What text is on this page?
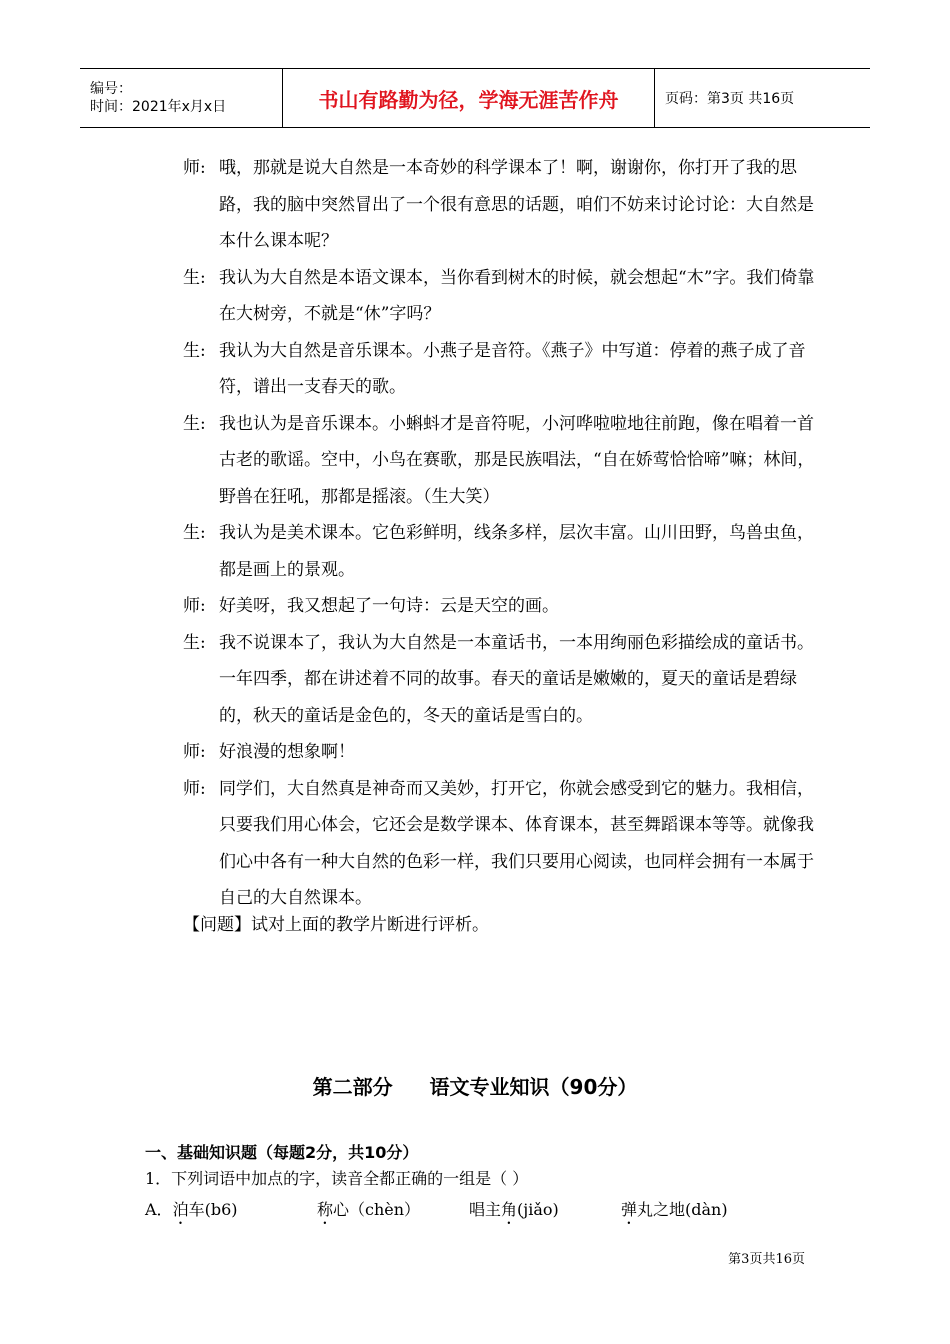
编号：
时间：2021年x月x日	书山有路勤为径，学海无涯苦作舟	页码：第3页 共16页
师: 哦，那就是说大自然是一本奇妙的科学课本了！啊，谢谢你，你打开了我的思路，我的脑中突然冒出了一个很有意思的话题，咱们不妨来讨论讨论：大自然是本什么课本呢？
生: 我认为大自然是本语文课本，当你看到树木的时候，就会想起“木”字。我们倚靠在大树旁，不就是“休”字吗？
生: 我认为大自然是音乐课本。小燕子是音符。《燕子》中写道：停着的燕子成了音符，谱出一支春天的歌。
生: 我也认为是音乐课本。小蝌蚪才是音符呢，小河哗啦啦地往前跑，像在唱着一首古老的歌谣。空中，小鸟在赛歌，那是民族唱法，“自在娇莺恰恰啼”嘛；林间，野兽在狂吼，那都是摇滚。（生大笑）
生: 我认为是美术课本。它色彩鲜明，线条多样，层次丰富。山川田野，鸟兽虫鱼，都是画上的景观。
师: 好美呀，我又想起了一句诗：云是天空的画。
生: 我不说课本了，我认为大自然是一本童话书，一本用绚丽色彩描绘成的童话书。一年四季，都在讲述着不同的故事。春天的童话是嫩嫩的，夏天的童话是碧绿的，秋天的童话是金色的，冬天的童话是雪白的。
师: 好浪漫的想象啊！
师: 同学们，大自然真是神奇而又美妙，打开它，你就会感受到它的魅力。我相信，只要我们用心体会，它还会是数学课本、体育课本，甚至舞蹈课本等等。就像我们心中各有一种大自然的色彩一样，我们只要用心阅读，也同样会拥有一本属于自己的大自然课本。
【问题】试对上面的教学片断进行评析。
第二部分 语文专业知识（90分）
一、基础知识题（每题2分，共10分）
1．下列词语中加点的字，读音全都正确的一组是（ ）
A．泊车(b6)	称心（chèn）	唱主角(jiǎo)	弹丸之地(dàn)
第3页共16页
